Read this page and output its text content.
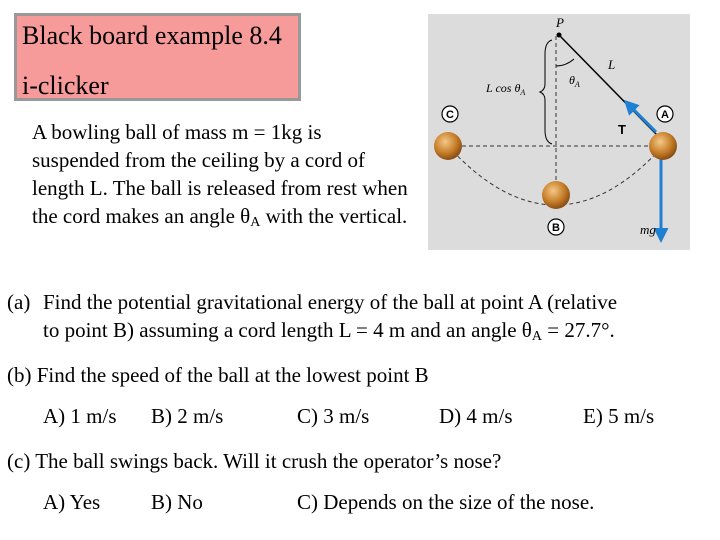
Black board example 8.4
i-clicker
A bowling ball of mass m = 1kg is suspended from the ceiling by a cord of length L. The ball is released from rest when the cord makes an angle $\theta_A$ with the vertical.
C
B
A
P
L
L $\cos \theta_A$
$\theta_A$
T
mg
(a) Find the potential gravitational energy of the ball at point A (relative
to point B) assuming a cord length L = 4 m and an angle $\theta_A = 27.7^\circ$.
(b) Find the speed of the ball at the lowest point B
A) 1 m/s B) 2 m/s	C) 3 m/s	D) 4 m/s	E) 5 m/s
(c) The ball swings back. Will it crush the operator’s nose?
A) Yes B) No	C) Depends on the size of the nose.
